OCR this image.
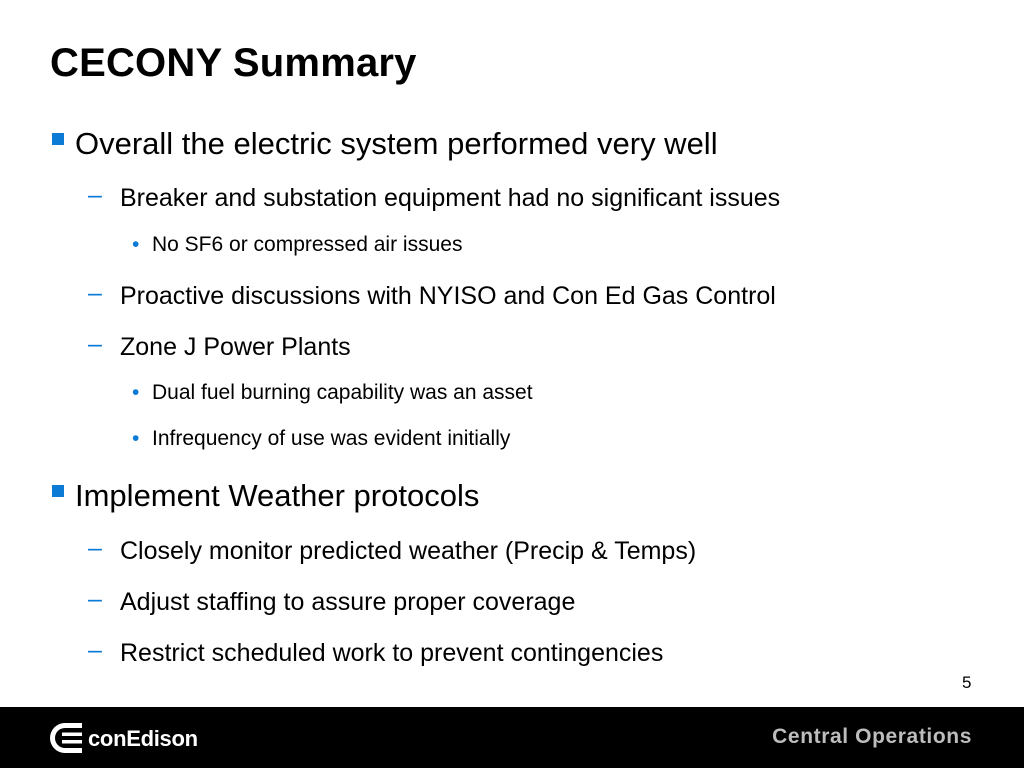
CECONY Summary
Overall the electric system performed very well
– Breaker and substation equipment had no significant issues
• No SF6 or compressed air issues
– Proactive discussions with NYISO and Con Ed Gas Control
– Zone J Power Plants
• Dual fuel burning capability was an asset
• Infrequency of use was evident initially
Implement Weather protocols
– Closely monitor predicted weather (Precip & Temps)
– Adjust staffing to assure proper coverage
– Restrict scheduled work to prevent contingencies
5
conEdison	Central Operations
